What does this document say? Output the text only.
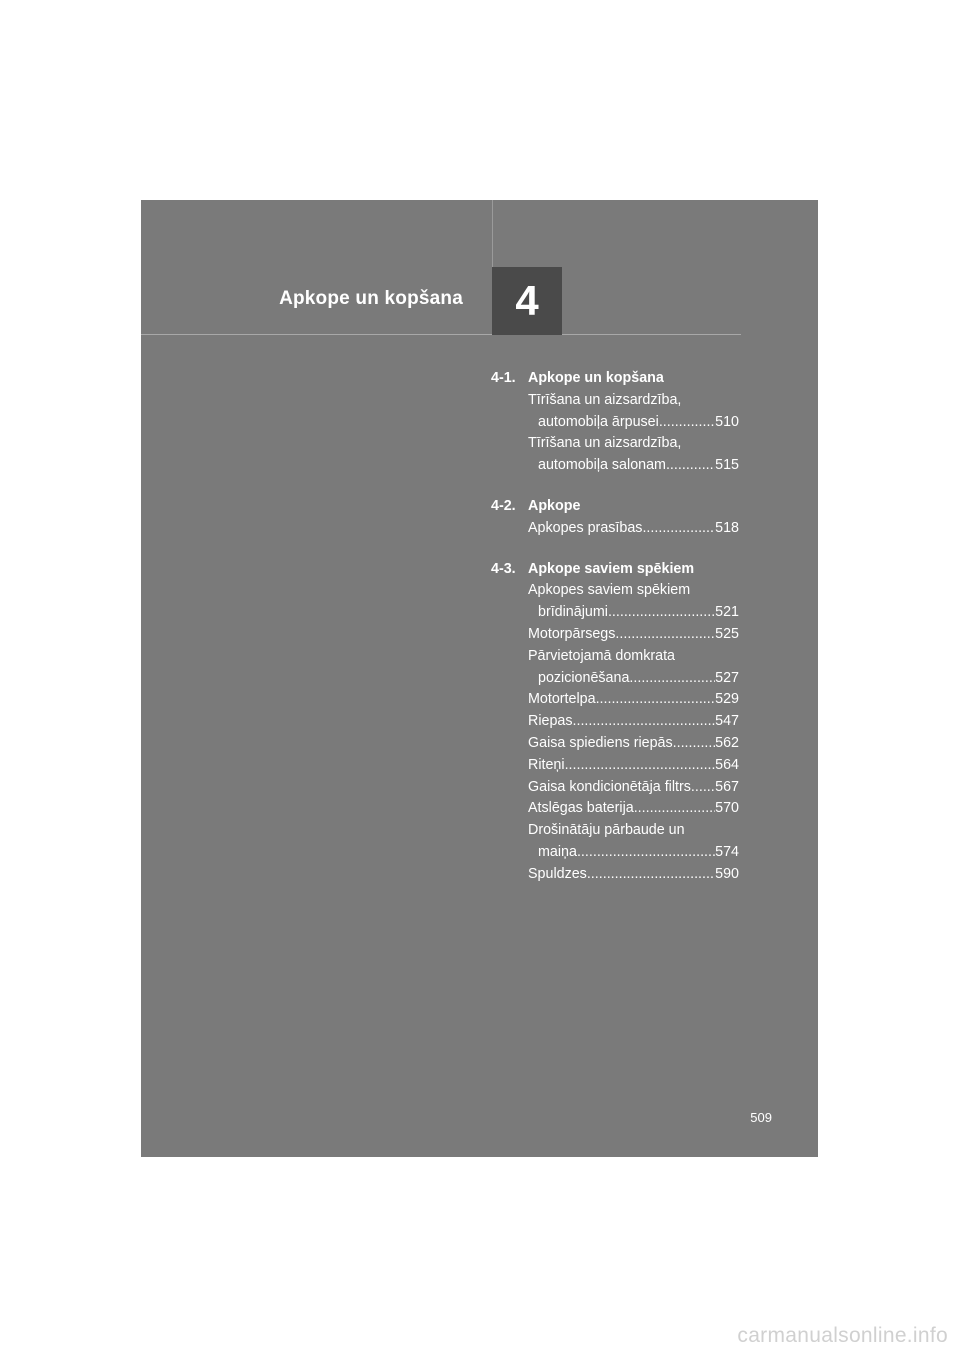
Apkope un kopšana	4
4-1. Apkope un kopšana
Tīrīšana un aizsardzība,
automobiļa ārpusei .....	510
Tīrīšana un aizsardzība,
automobiļa salonam .....	515
4-2. Apkope
Apkopes prasības .....	518
4-3. Apkope saviem spēkiem
Apkopes saviem spēkiem
brīdinājumi .....	521
Motorpārsegs .....	525
Pārvietojamā domkrata
pozicionēšana .....	527
Motortelpa .....	529
Riepas .....	547
Gaisa spiediens riepās .....	562
Riteņi .....	564
Gaisa kondicionētāja filtrs ..... 567
Atslēgas baterija .....	570
Drošinātāju pārbaude un
maiņa .....	574
Spuldzes .....	590
509
carmanualsonline.info
